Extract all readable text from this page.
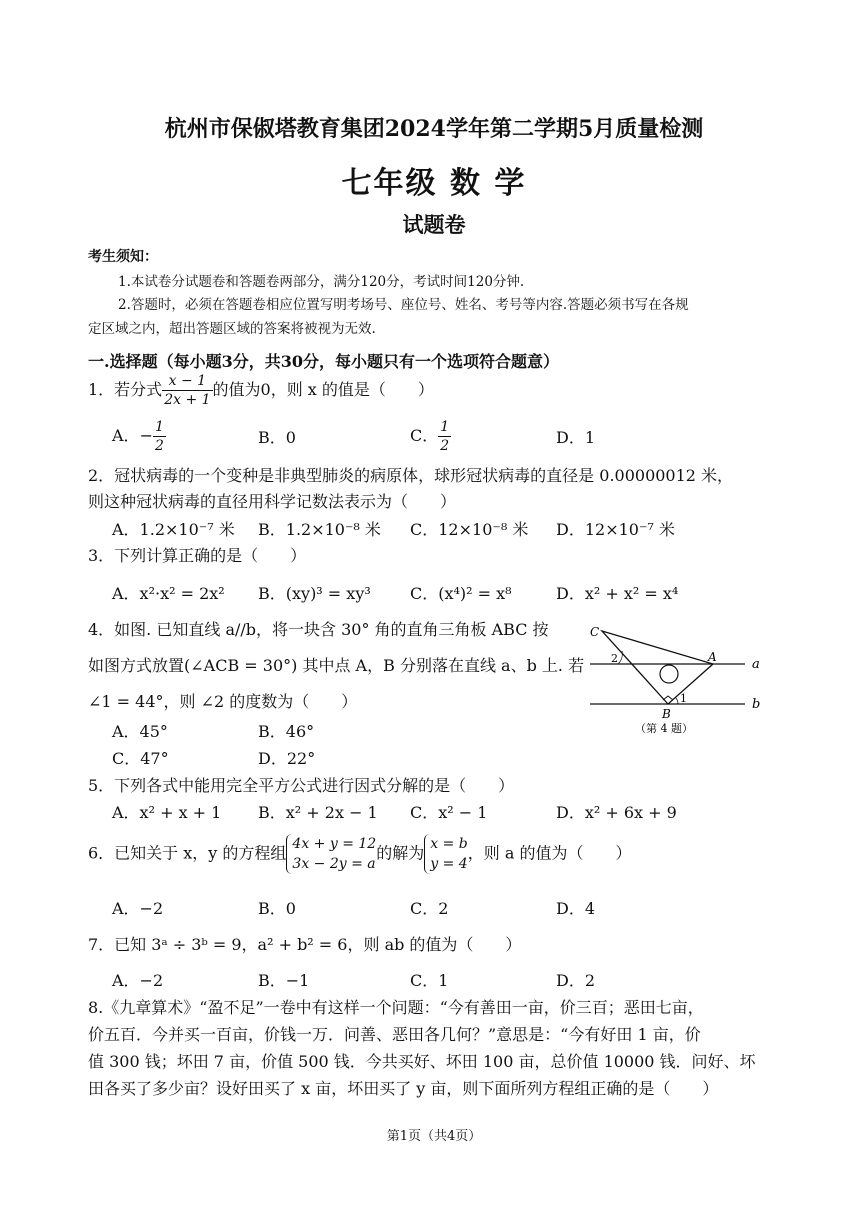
杭州市保俶塔教育集团2024学年第二学期5月质量检测
七年级 数 学
试题卷
考生须知：
1.本试卷分试题卷和答题卷两部分，满分120分，考试时间120分钟.
2.答题时，必须在答题卷相应位置写明考场号、座位号、姓名、考号等内容.答题必须书写在各规
定区域之内，超出答题区域的答案将被视为无效.
一.选择题（每小题3分，共30分，每小题只有一个选项符合题意）
1．若分式 $\frac{x - 1}{2x + 1}$ 的值为0，则 x 的值是（　　）
A．− $\frac{1}{2}$	B．0	C． $\frac{1}{2}$	D．1
2．冠状病毒的一个变种是非典型肺炎的病原体，球形冠状病毒的直径是 0.00000012 米，
则这种冠状病毒的直径用科学记数法表示为（　　）
A．1.2×10⁻⁷ 米 B．1.2×10⁻⁸ 米 C．12×10⁻⁸ 米 D．12×10⁻⁷ 米
3．下列计算正确的是（　　）
A．x²·x² = 2x² B．(xy)³ = xy³ C．(x⁴)² = x⁸	D．x² + x² = x⁴
4．如图. 已知直线 a//b，将一块含 30° 角的直角三角板 ABC 按
如图方式放置(∠ACB = 30°) 其中点 A，B 分别落在直线 a、b 上. 若
∠1 = 44°，则 ∠2 的度数为（　　）
A．45°	B．46°
C．47°	D．22°
C
A
B
2
1
a
b
（第 4 题）
5．下列各式中能用完全平方公式进行因式分解的是（　　）
A．x² + x + 1 B．x² + 2x − 1 C．x² − 1	D．x² + 6x + 9
6．已知关于 x，y 的方程组 4x + y = 12
3x − 2y = a
的解为 x = b
y = 4
，则 a 的值为（　　）
A．−2	B．0	C．2	D．4
7．已知 3ᵃ ÷ 3ᵇ = 9，a² + b² = 6，则 ab 的值为（　　）
A．−2	B．−1	C．1	D．2
8.《九章算术》“盈不足”一卷中有这样一个问题：“今有善田一亩，价三百；恶田七亩，
价五百．今并买一百亩，价钱一万．问善、恶田各几何？”意思是：“今有好田 1 亩，价
值 300 钱；坏田 7 亩，价值 500 钱．今共买好、坏田 100 亩，总价值 10000 钱．问好、坏
田各买了多少亩？设好田买了 x 亩，坏田买了 y 亩，则下面所列方程组正确的是（　　）
第1页（共4页）
